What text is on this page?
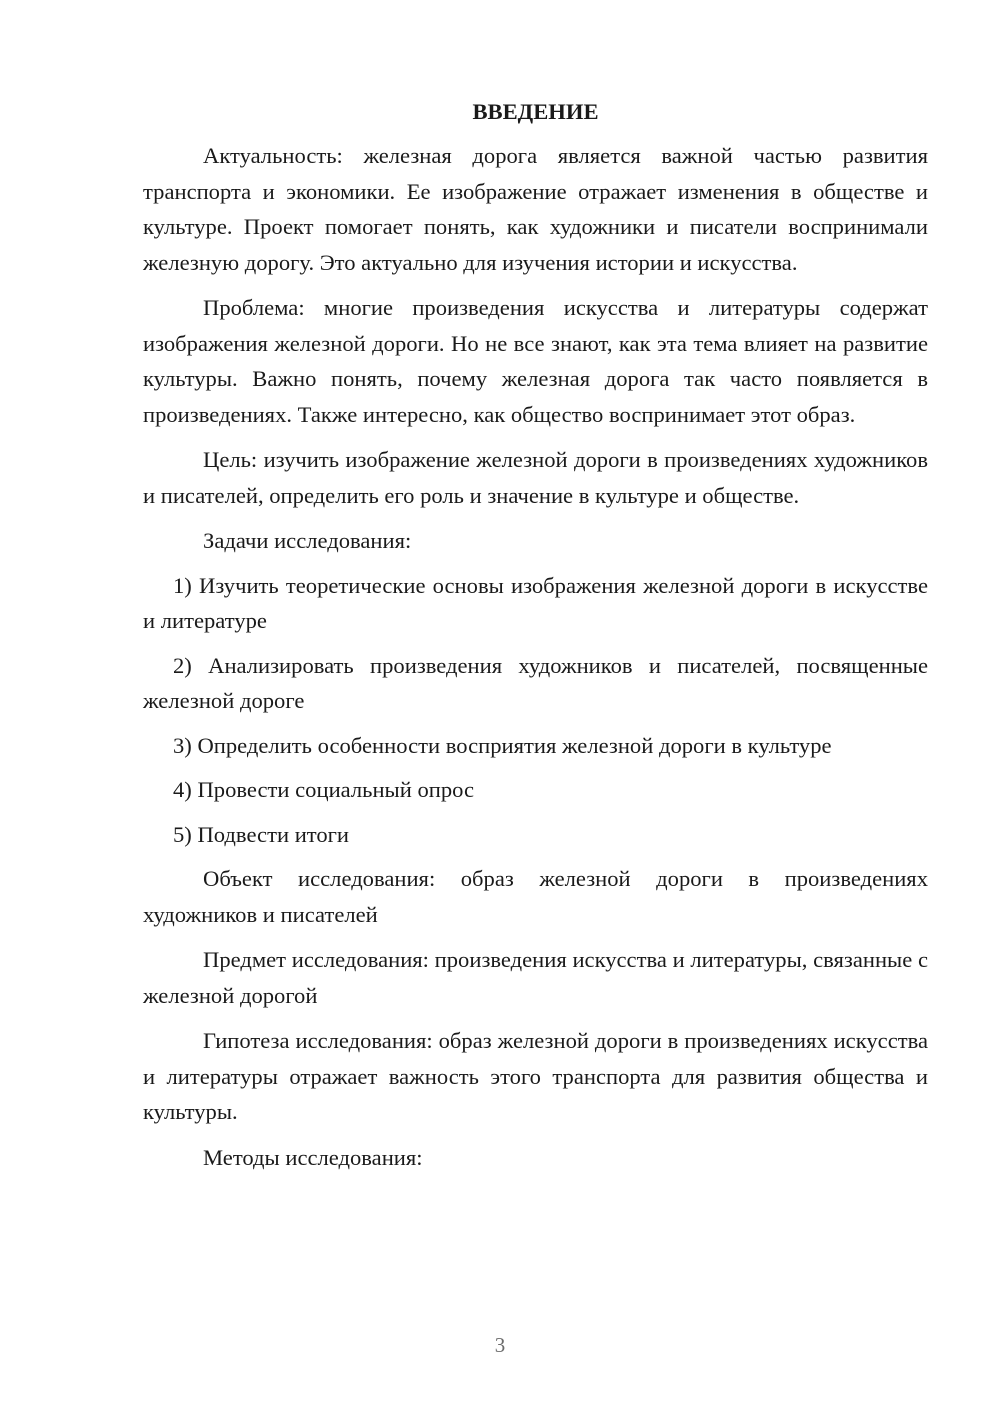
ВВЕДЕНИЕ

Актуальность: железная дорога является важной частью развития транспорта и экономики. Ее изображение отражает изменения в обществе и культуре. Проект помогает понять, как художники и писатели воспринимали железную дорогу. Это актуально для изучения истории и искусства.

Проблема: многие произведения искусства и литературы содержат изображения железной дороги. Но не все знают, как эта тема влияет на развитие культуры. Важно понять, почему железная дорога так часто появляется в произведениях. Также интересно, как общество воспринимает этот образ.

Цель: изучить изображение железной дороги в произведениях художников и писателей, определить его роль и значение в культуре и обществе.

Задачи исследования:

1) Изучить теоретические основы изображения железной дороги в искусстве и литературе

2) Анализировать произведения художников и писателей, посвященные железной дороге

3) Определить особенности восприятия железной дороги в культуре

4) Провести социальный опрос

5) Подвести итоги

Объект исследования: образ железной дороги в произведениях художников и писателей

Предмет исследования: произведения искусства и литературы, связанные с железной дорогой

Гипотеза исследования: образ железной дороги в произведениях искусства и литературы отражает важность этого транспорта для развития общества и культуры.

Методы исследования:

3
